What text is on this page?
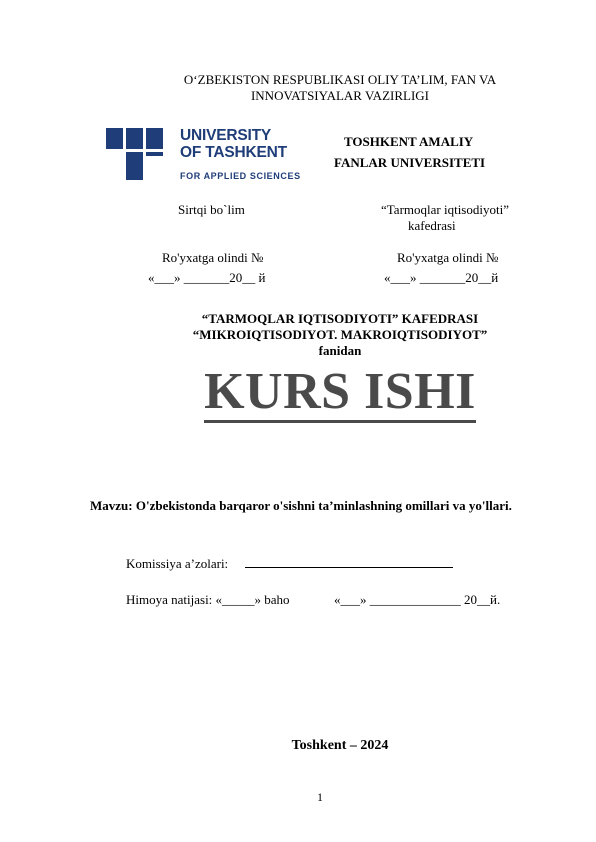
O‘ZBEKISTON RESPUBLIKASI OLIY TA’LIM, FAN VA
INNOVATSIYALAR VAZIRLIGI
UNIVERSITY
OF TASHKENT
FOR APPLIED SCIENCES
TOSHKENT AMALIY
FANLAR UNIVERSITETI
Sirtqi bo`lim
Ro'yxatga olindi №
«___» _______20__ й
“Tarmoqlar iqtisodiyoti”
kafedrasi
Ro'yxatga olindi №
«___» _______20__й
“TARMOQLAR IQTISODIYOTI” KAFEDRASI
“MIKROIQTISODIYOT. MAKROIQTISODIYOT”
fanidan
KURS ISHI
Mavzu: O'zbekistonda barqaror o'sishni ta’minlashning omillari va yo'llari.
Komissiya a’zolari:
Himoya natijasi: «_____» baho	«___» ______________ 20__й.
Toshkent – 2024
1
